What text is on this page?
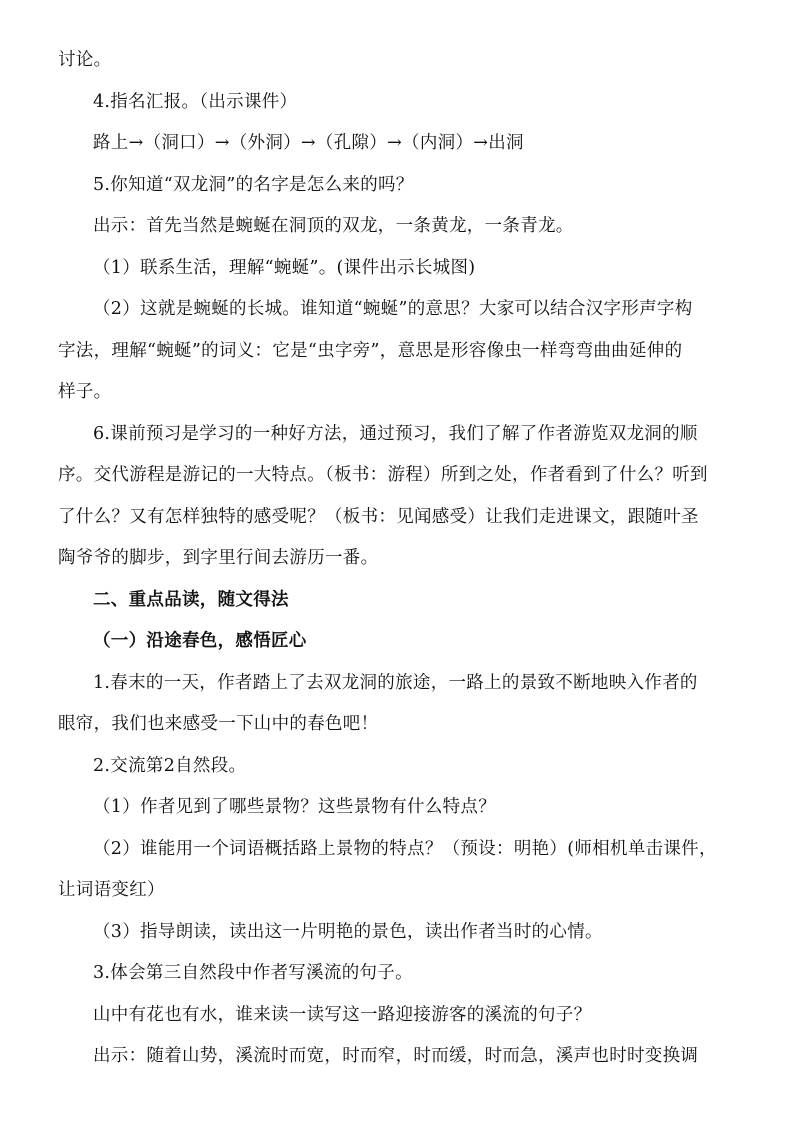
讨论。
4.指名汇报。（出示课件）
路上→（洞口）→（外洞）→（孔隙）→（内洞）→出洞
5.你知道“双龙洞”的名字是怎么来的吗？
出示：首先当然是蜿蜒在洞顶的双龙，一条黄龙，一条青龙。
（1）联系生活，理解“蜿蜒”。(课件出示长城图)
（2）这就是蜿蜒的长城。谁知道“蜿蜒”的意思？大家可以结合汉字形声字构
字法，理解“蜿蜒”的词义：它是“虫字旁”，意思是形容像虫一样弯弯曲曲延伸的
样子。
6.课前预习是学习的一种好方法，通过预习，我们了解了作者游览双龙洞的顺
序。交代游程是游记的一大特点。（板书：游程）所到之处，作者看到了什么？听到
了什么？又有怎样独特的感受呢？（板书：见闻感受）让我们走进课文，跟随叶圣
陶爷爷的脚步，到字里行间去游历一番。
二、重点品读，随文得法
（一）沿途春色，感悟匠心
1.春末的一天，作者踏上了去双龙洞的旅途，一路上的景致不断地映入作者的
眼帘，我们也来感受一下山中的春色吧！
2.交流第2自然段。
（1）作者见到了哪些景物？这些景物有什么特点？
（2）谁能用一个词语概括路上景物的特点？（预设：明艳）(师相机单击课件，
让词语变红）
（3）指导朗读，读出这一片明艳的景色，读出作者当时的心情。
3.体会第三自然段中作者写溪流的句子。
山中有花也有水，谁来读一读写这一路迎接游客的溪流的句子？
出示：随着山势，溪流时而宽，时而窄，时而缓，时而急，溪声也时时变换调
